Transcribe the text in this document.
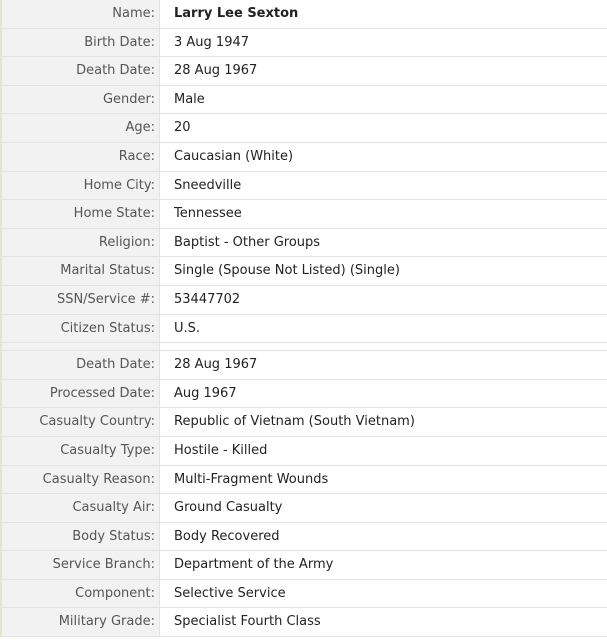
Name:	Larry Lee Sexton
Birth Date:	3 Aug 1947
Death Date:	28 Aug 1967
Gender:	Male
Age:	20
Race:	Caucasian (White)
Home City:	Sneedville
Home State:	Tennessee
Religion:	Baptist - Other Groups
Marital Status:	Single (Spouse Not Listed) (Single)
SSN/Service #:	53447702
Citizen Status:	U.S.
Death Date:	28 Aug 1967
Processed Date:	Aug 1967
Casualty Country:	Republic of Vietnam (South Vietnam)
Casualty Type:	Hostile - Killed
Casualty Reason:	Multi-Fragment Wounds
Casualty Air:	Ground Casualty
Body Status:	Body Recovered
Service Branch:	Department of the Army
Component:	Selective Service
Military Grade:	Specialist Fourth Class
